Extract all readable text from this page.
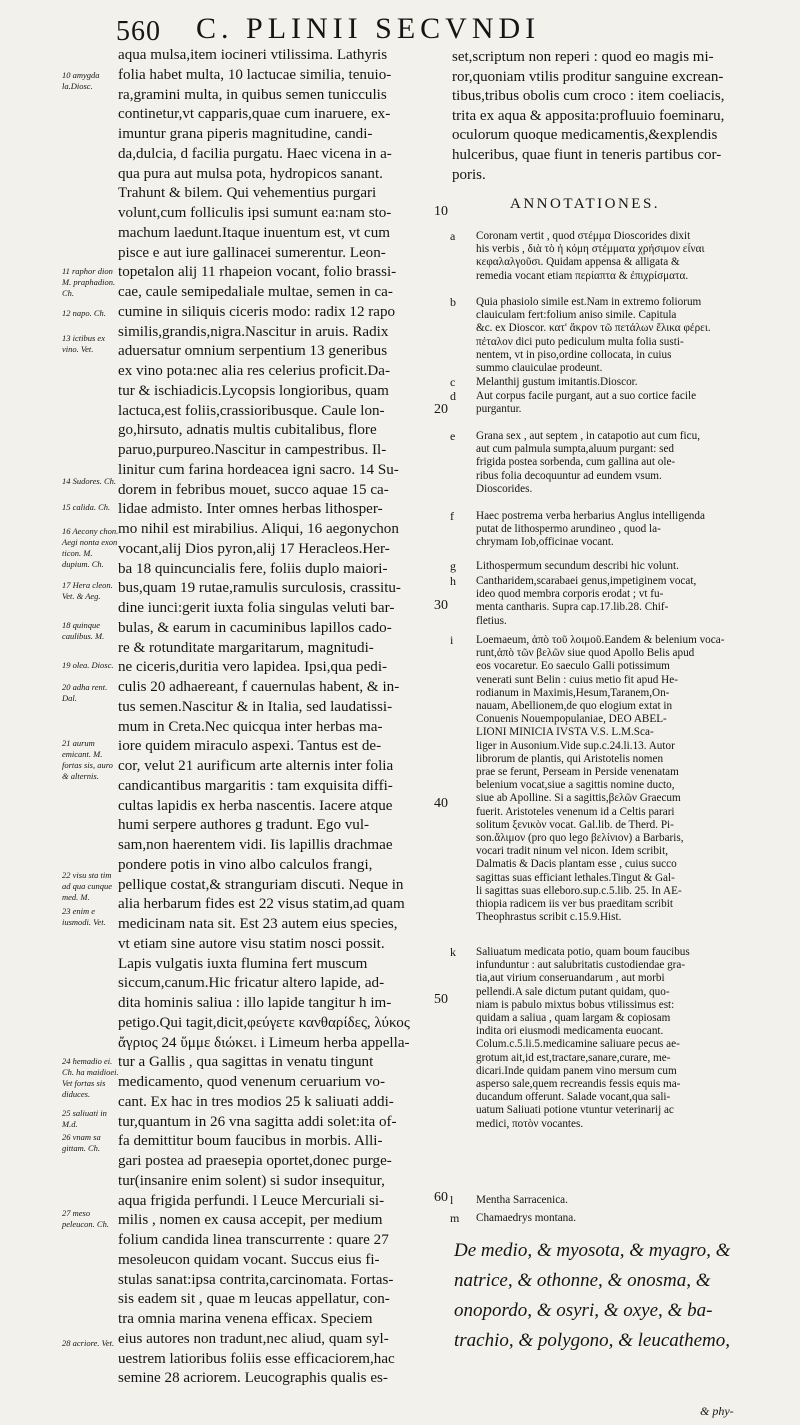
560 C. PLINII SECVNDI
10 amygda la.Diosc.
11 raphor dion M. praphadion. Ch.
12 napo. Ch.
13 ictibus ex vino. Vet.
14 Sudores. Ch.
15 calida. Ch.
16 Aecony chon. Aegi nonta exon ticon. M. dupium. Ch.
17 Hera cleon. Vet. & Aeg.
18 quinque caulibus. M.
19 olea. Diosc.
20 adha rent. Dal.
21 aurum emicant. M. fortas sis, auro & alternis.
22 visu sta tim ad qua cunque med. M.
23 enim e iusmodi. Vet.
24 hemadio ei. Ch. ha maidioei. Vet fortas sis diduces.
25 saliuati in M.d.
26 vnam sa gittam. Ch.
27 meso peleucon. Ch.
28 acriore. Vet.
aqua mulsa,item iocineri vtilissima. Lathyris
folia habet multa, 10 lactucae similia, tenuio-
ra,gramini multa, in quibus semen tunicculis
continetur,vt capparis,quae cum inaruere, ex-
imuntur grana piperis magnitudine, candi-
da,dulcia, d facilia purgatu. Haec vicena in a-
qua pura aut mulsa pota, hydropicos sanant.
Trahunt & bilem. Qui vehementius purgari
volunt,cum folliculis ipsi sumunt ea:nam sto-
machum laedunt.Itaque inuentum est, vt cum
pisce e aut iure gallinacei sumerentur. Leon-
topetalon alij 11 rhapeion vocant, folio brassi-
cae, caule semipedaliale multae, semen in ca-
cumine in siliquis ciceris modo: radix 12 rapo
similis,grandis,nigra.Nascitur in aruis. Radix
aduersatur omnium serpentium 13 generibus
ex vino pota:nec alia res celerius proficit.Da-
tur & ischiadicis.Lycopsis longioribus, quam
lactuca,est foliis,crassioribusque. Caule lon-
go,hirsuto, adnatis multis cubitalibus, flore
paruo,purpureo.Nascitur in campestribus. Il-
linitur cum farina hordeacea igni sacro. 14 Su-
dorem in febribus mouet, succo aquae 15 ca-
lidae admisto. Inter omnes herbas lithosper-
mo nihil est mirabilius. Aliqui, 16 aegonychon
vocant,alij Dios pyron,alij 17 Heracleos.Her-
ba 18 quincuncialis fere, foliis duplo maiori-
bus,quam 19 rutae,ramulis surculosis, crassitu-
dine iunci:gerit iuxta folia singulas veluti bar-
bulas, & earum in cacuminibus lapillos cado-
re & rotunditate margaritarum, magnitudi-
ne ciceris,duritia vero lapidea. Ipsi,qua pedi-
culis 20 adhaereant, f cauernulas habent, & in-
tus semen.Nascitur & in Italia, sed laudatissi-
mum in Creta.Nec quicqua inter herbas ma-
iore quidem miraculo aspexi. Tantus est de-
cor, velut 21 aurificum arte alternis inter folia
candicantibus margaritis : tam exquisita diffi-
cultas lapidis ex herba nascentis. Iacere atque
humi serpere authores g tradunt. Ego vul-
sam,non haerentem vidi. Iis lapillis drachmae
pondere potis in vino albo calculos frangi,
pellique costat,& stranguriam discuti. Neque in
alia herbarum fides est 22 visus statim,ad quam
medicinam nata sit. Est 23 autem eius species,
vt etiam sine autore visu statim nosci possit.
Lapis vulgatis iuxta flumina fert muscum
siccum,canum.Hic fricatur altero lapide, ad-
dita hominis saliua : illo lapide tangitur h im-
petigo.Qui tagit,dicit,φεύγετε κανθαρίδες, λύκος
ἄγριος 24 ὕμμε διώκει. i Limeum herba appella-
tur a Gallis , qua sagittas in venatu tingunt
medicamento, quod venenum ceruarium vo-
cant. Ex hac in tres modios 25 k saliuati addi-
tur,quantum in 26 vna sagitta addi solet:ita of-
fa demittitur boum faucibus in morbis. Alli-
gari postea ad praesepia oportet,donec purge-
tur(insanire enim solent) si sudor insequitur,
aqua frigida perfundi. l Leuce Mercuriali si-
milis , nomen ex causa accepit, per medium
folium candida linea transcurrente : quare 27
mesoleucon quidam vocant. Succus eius fi-
stulas sanat:ipsa contrita,carcinomata. Fortas-
sis eadem sit , quae m leucas appellatur, con-
tra omnia marina venena efficax. Speciem
eius autores non tradunt,nec aliud, quam syl-
uestrem latioribus foliis esse efficaciorem,hac
semine 28 acriorem. Leucographis qualis es-
10
20
30
40
50
60
set,scriptum non reperi : quod eo magis mi-
ror,quoniam vtilis proditur sanguine excrean-
tibus,tribus obolis cum croco : item coeliacis,
trita ex aqua & apposita:profluuio foeminaru,
oculorum quoque medicamentis,&explendis
hulceribus, quae fiunt in teneris partibus cor-
poris.
ANNOTATIONES.
a	Coronam vertit , quod στέμμα Dioscorides dixit
his verbis , διὰ τὸ ἡ κόμη στέμματα χρήσιμον εἶναι
κεφαλαλγοῦσι. Quidam appensa & alligata &
remedia vocant etiam περίαπτα & ἐπιχρίσματα.
b	Quia phasiolo simile est.Nam in extremo foliorum
clauiculam fert:folium aniso simile. Capitula
&c. ex Dioscor. κατ' ἄκρον τῶ πετάλων ἕλικα φέρει.
πέταλον dici puto pediculum multa folia susti-
nentem, vt in piso,ordine collocata, in cuius
summo clauiculae prodeunt.
c	Melanthij gustum imitantis.Dioscor.
d	Aut corpus facile purgant, aut a suo cortice facile
purgantur.
e	Grana sex , aut septem , in catapotio aut cum ficu,
aut cum palmula sumpta,aluum purgant: sed
frigida postea sorbenda, cum gallina aut ole-
ribus folia decoquuntur ad eundem vsum.
Dioscorides.
f	Haec postrema verba herbarius Anglus intelligenda
putat de lithospermo arundineo , quod la-
chrymam Iob,officinae vocant.
g	Lithospermum secundum describi hic volunt.
h	Cantharidem,scarabaei genus,impetiginem vocat,
ideo quod membra corporis erodat ; vt fu-
menta cantharis. Supra cap.17.lib.28. Chif-
fletius.
i	Loemaeum, ἀπὸ τοῦ λοιμοῦ.Eandem & belenium voca-
runt,ἀπὸ τῶν βελῶν siue quod Apollo Belis apud
eos vocaretur. Eo saeculo Galli potissimum
venerati sunt Belin : cuius metio fit apud He-
rodianum in Maximis,Hesum,Taranem,On-
nauam, Abellionem,de quo elogium extat in
Conuenis Nouempopulaniae, DEO ABEL-
LIONI MINICIA IVSTA V.S. L.M.Sca-
liger in Ausonium.Vide sup.c.24.li.13. Autor
librorum de plantis, qui Aristotelis nomen
prae se ferunt, Perseam in Perside venenatam
belenium vocat,siue a sagittis nomine ducto,
siue ab Apolline. Si a sagittis,βελῶν Graecum
fuerit. Aristoteles venenum id a Celtis parari
solitum ξενικὸν vocat. Gal.lib. de Therd. Pi-
son.ἄλιμον (pro quo lego βελίνιον) a Barbaris,
vocari tradit ninum vel nicon. Idem scribit,
Dalmatis & Dacis plantam esse , cuius succo
sagittas suas efficiant lethales.Tingut & Gal-
li sagittas suas elleboro.sup.c.5.lib. 25. In AE-
thiopia radicem iis ver bus praeditam scribit
Theophrastus scribit c.15.9.Hist.
k	Saliuatum medicata potio, quam boum faucibus
infunduntur : aut salubritatis custodiendae gra-
tia,aut virium conseruandarum , aut morbi
pellendi.A sale dictum putant quidam, quo-
niam is pabulo mixtus bobus vtilissimus est:
quidam a saliua , quam largam & copiosam
indita ori eiusmodi medicamenta euocant.
Colum.c.5.li.5.medicamine saliuare pecus ae-
grotum ait,id est,tractare,sanare,curare, me-
dicari.Inde quidam panem vino mersum cum
asperso sale,quem recreandis fessis equis ma-
ducandum offerunt. Salade vocant,qua sali-
uatum Saliuati potione vtuntur veterinarij ac
medici, ποτὸν vocantes.
l	Mentha Sarracenica.
m Chamaedrys montana.
De medio, & myosota, & myagro, &
natrice, & othonne, & onosma, &
onopordo, & osyri, & oxye, & ba-
trachio, & polygono, & leucathemo,
& phy-
